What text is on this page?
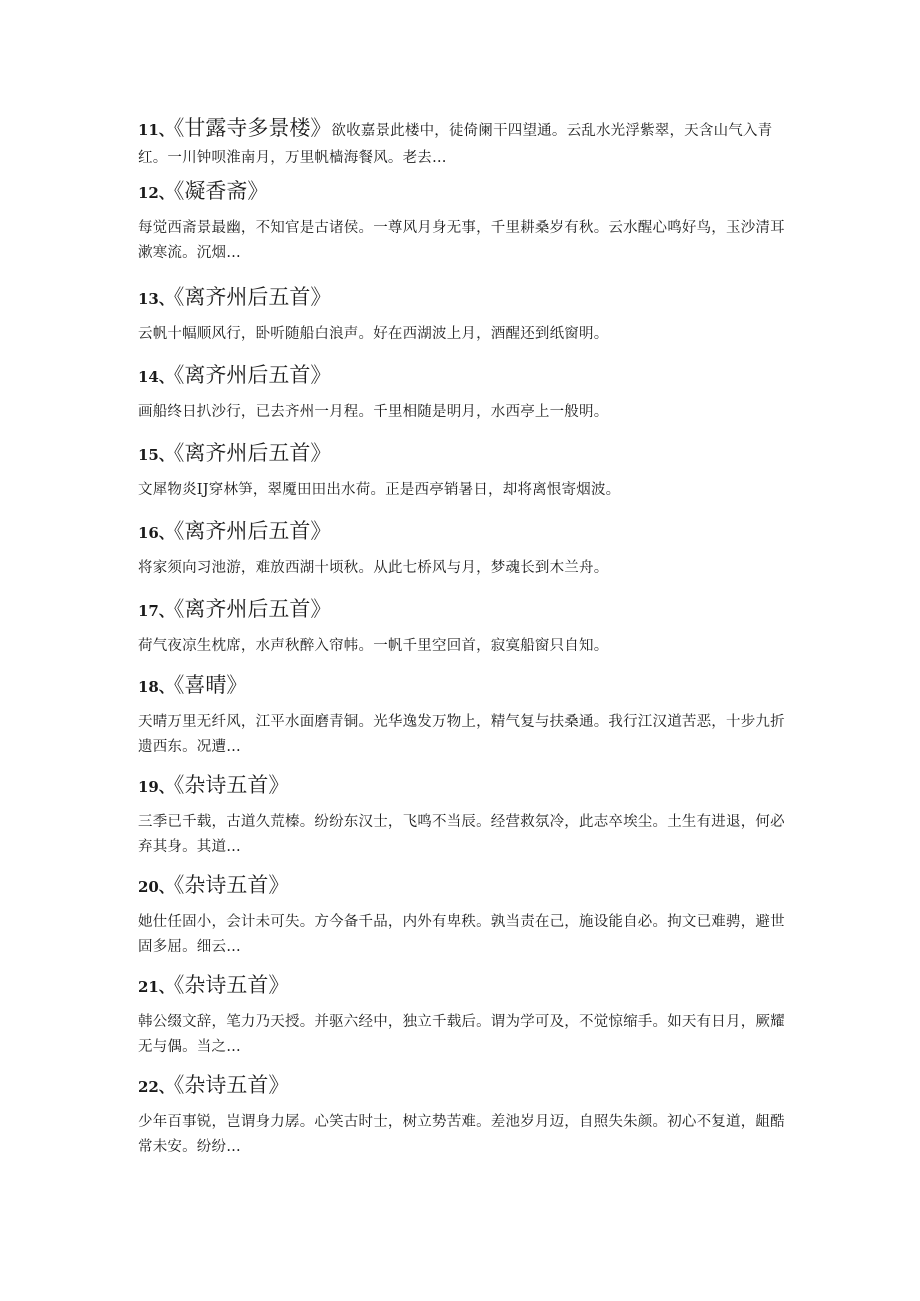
11、《甘露寺多景楼》欲收嘉景此楼中，徒倚阑干四望通。云乱水光浮紫翠，天含山气入青红。一川钟呗淮南月，万里帆樯海餐风。老去…
12、《凝香斋》
每觉西斋景最幽，不知官是古诸侯。一尊风月身无事，千里耕桑岁有秋。云水醒心鸣好鸟，玉沙清耳漱寒流。沉烟…
13、《离齐州后五首》
云帆十幅顺风行，卧听随船白浪声。好在西湖波上月，酒醒还到纸窗明。
14、《离齐州后五首》
画船终日扒沙行，已去齐州一月程。千里相随是明月，水西亭上一般明。
15、《离齐州后五首》
文犀物炎IJ穿林笋，翠魇田田出水荷。正是西亭销暑日，却将离恨寄烟波。
16、《离齐州后五首》
将家须向习池游，难放西湖十顷秋。从此七桥风与月，梦魂长到木兰舟。
17、《离齐州后五首》
荷气夜凉生枕席，水声秋醉入帘帏。一帆千里空回首，寂寞船窗只自知。
18、《喜晴》
天晴万里无纤风，江平水面磨青铜。光华逸发万物上，精气复与扶桑通。我行江汉道苦恶，十步九折遗西东。况遭…
19、《杂诗五首》
三季已千载，古道久荒榛。纷纷东汉士，飞鸣不当辰。经营救氛冷，此志卒埃尘。土生有进退，何必弃其身。其道…
20、《杂诗五首》
她仕任固小，会计未可失。方今备千品，内外有卑秩。孰当责在己，施设能自必。拘文已难骋，避世固多屈。细云…
21、《杂诗五首》
韩公缀文辞，笔力乃天授。并驱六经中，独立千载后。谓为学可及，不觉惊缩手。如天有日月，厥耀无与偶。当之…
22、《杂诗五首》
少年百事锐，岂谓身力孱。心笑古时士，树立势苦难。差池岁月迈，自照失朱颜。初心不复道，龃酷常未安。纷纷…
